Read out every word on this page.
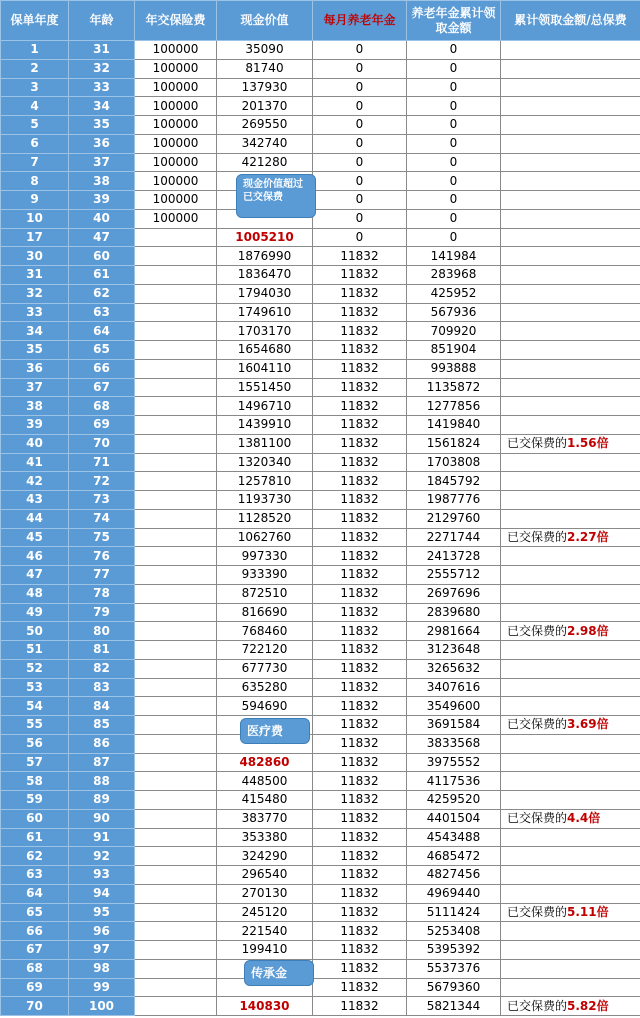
保单年度	年龄	年交保险费	现金价值	每月养老年金	养老年金累计领取金额	累计领取金额/总保费
1	31	100000	35090	0	0	
2	32	100000	81740	0	0	
3	33	100000	137930	0	0	
4	34	100000	201370	0	0	
5	35	100000	269550	0	0	
6	36	100000	342740	0	0	
7	37	100000	421280	0	0	
8	38	100000		0	0	
9	39	100000		0	0	
10	40	100000		0	0	
17	47		1005210	0	0	
30	60		1876990	11832	141984	
31	61		1836470	11832	283968	
32	62		1794030	11832	425952	
33	63		1749610	11832	567936	
34	64		1703170	11832	709920	
35	65		1654680	11832	851904	
36	66		1604110	11832	993888	
37	67		1551450	11832	1135872	
38	68		1496710	11832	1277856	
39	69		1439910	11832	1419840	
40	70		1381100	11832	1561824	已交保费的1.56倍
41	71		1320340	11832	1703808	
42	72		1257810	11832	1845792	
43	73		1193730	11832	1987776	
44	74		1128520	11832	2129760	
45	75		1062760	11832	2271744	已交保费的2.27倍
46	76		997330	11832	2413728	
47	77		933390	11832	2555712	
48	78		872510	11832	2697696	
49	79		816690	11832	2839680	
50	80		768460	11832	2981664	已交保费的2.98倍
51	81		722120	11832	3123648	
52	82		677730	11832	3265632	
53	83		635280	11832	3407616	
54	84		594690	11832	3549600	
55	85			11832	3691584	已交保费的3.69倍
56	86			11832	3833568	
57	87		482860	11832	3975552	
58	88		448500	11832	4117536	
59	89		415480	11832	4259520	
60	90		383770	11832	4401504	已交保费的4.4倍
61	91		353380	11832	4543488	
62	92		324290	11832	4685472	
63	93		296540	11832	4827456	
64	94		270130	11832	4969440	
65	95		245120	11832	5111424	已交保费的5.11倍
66	96		221540	11832	5253408	
67	97		199410	11832	5395392	
68	98			11832	5537376	
69	99			11832	5679360	
70	100		140830	11832	5821344	已交保费的5.82倍
现金价值超过已交保费
医疗费
传承金
